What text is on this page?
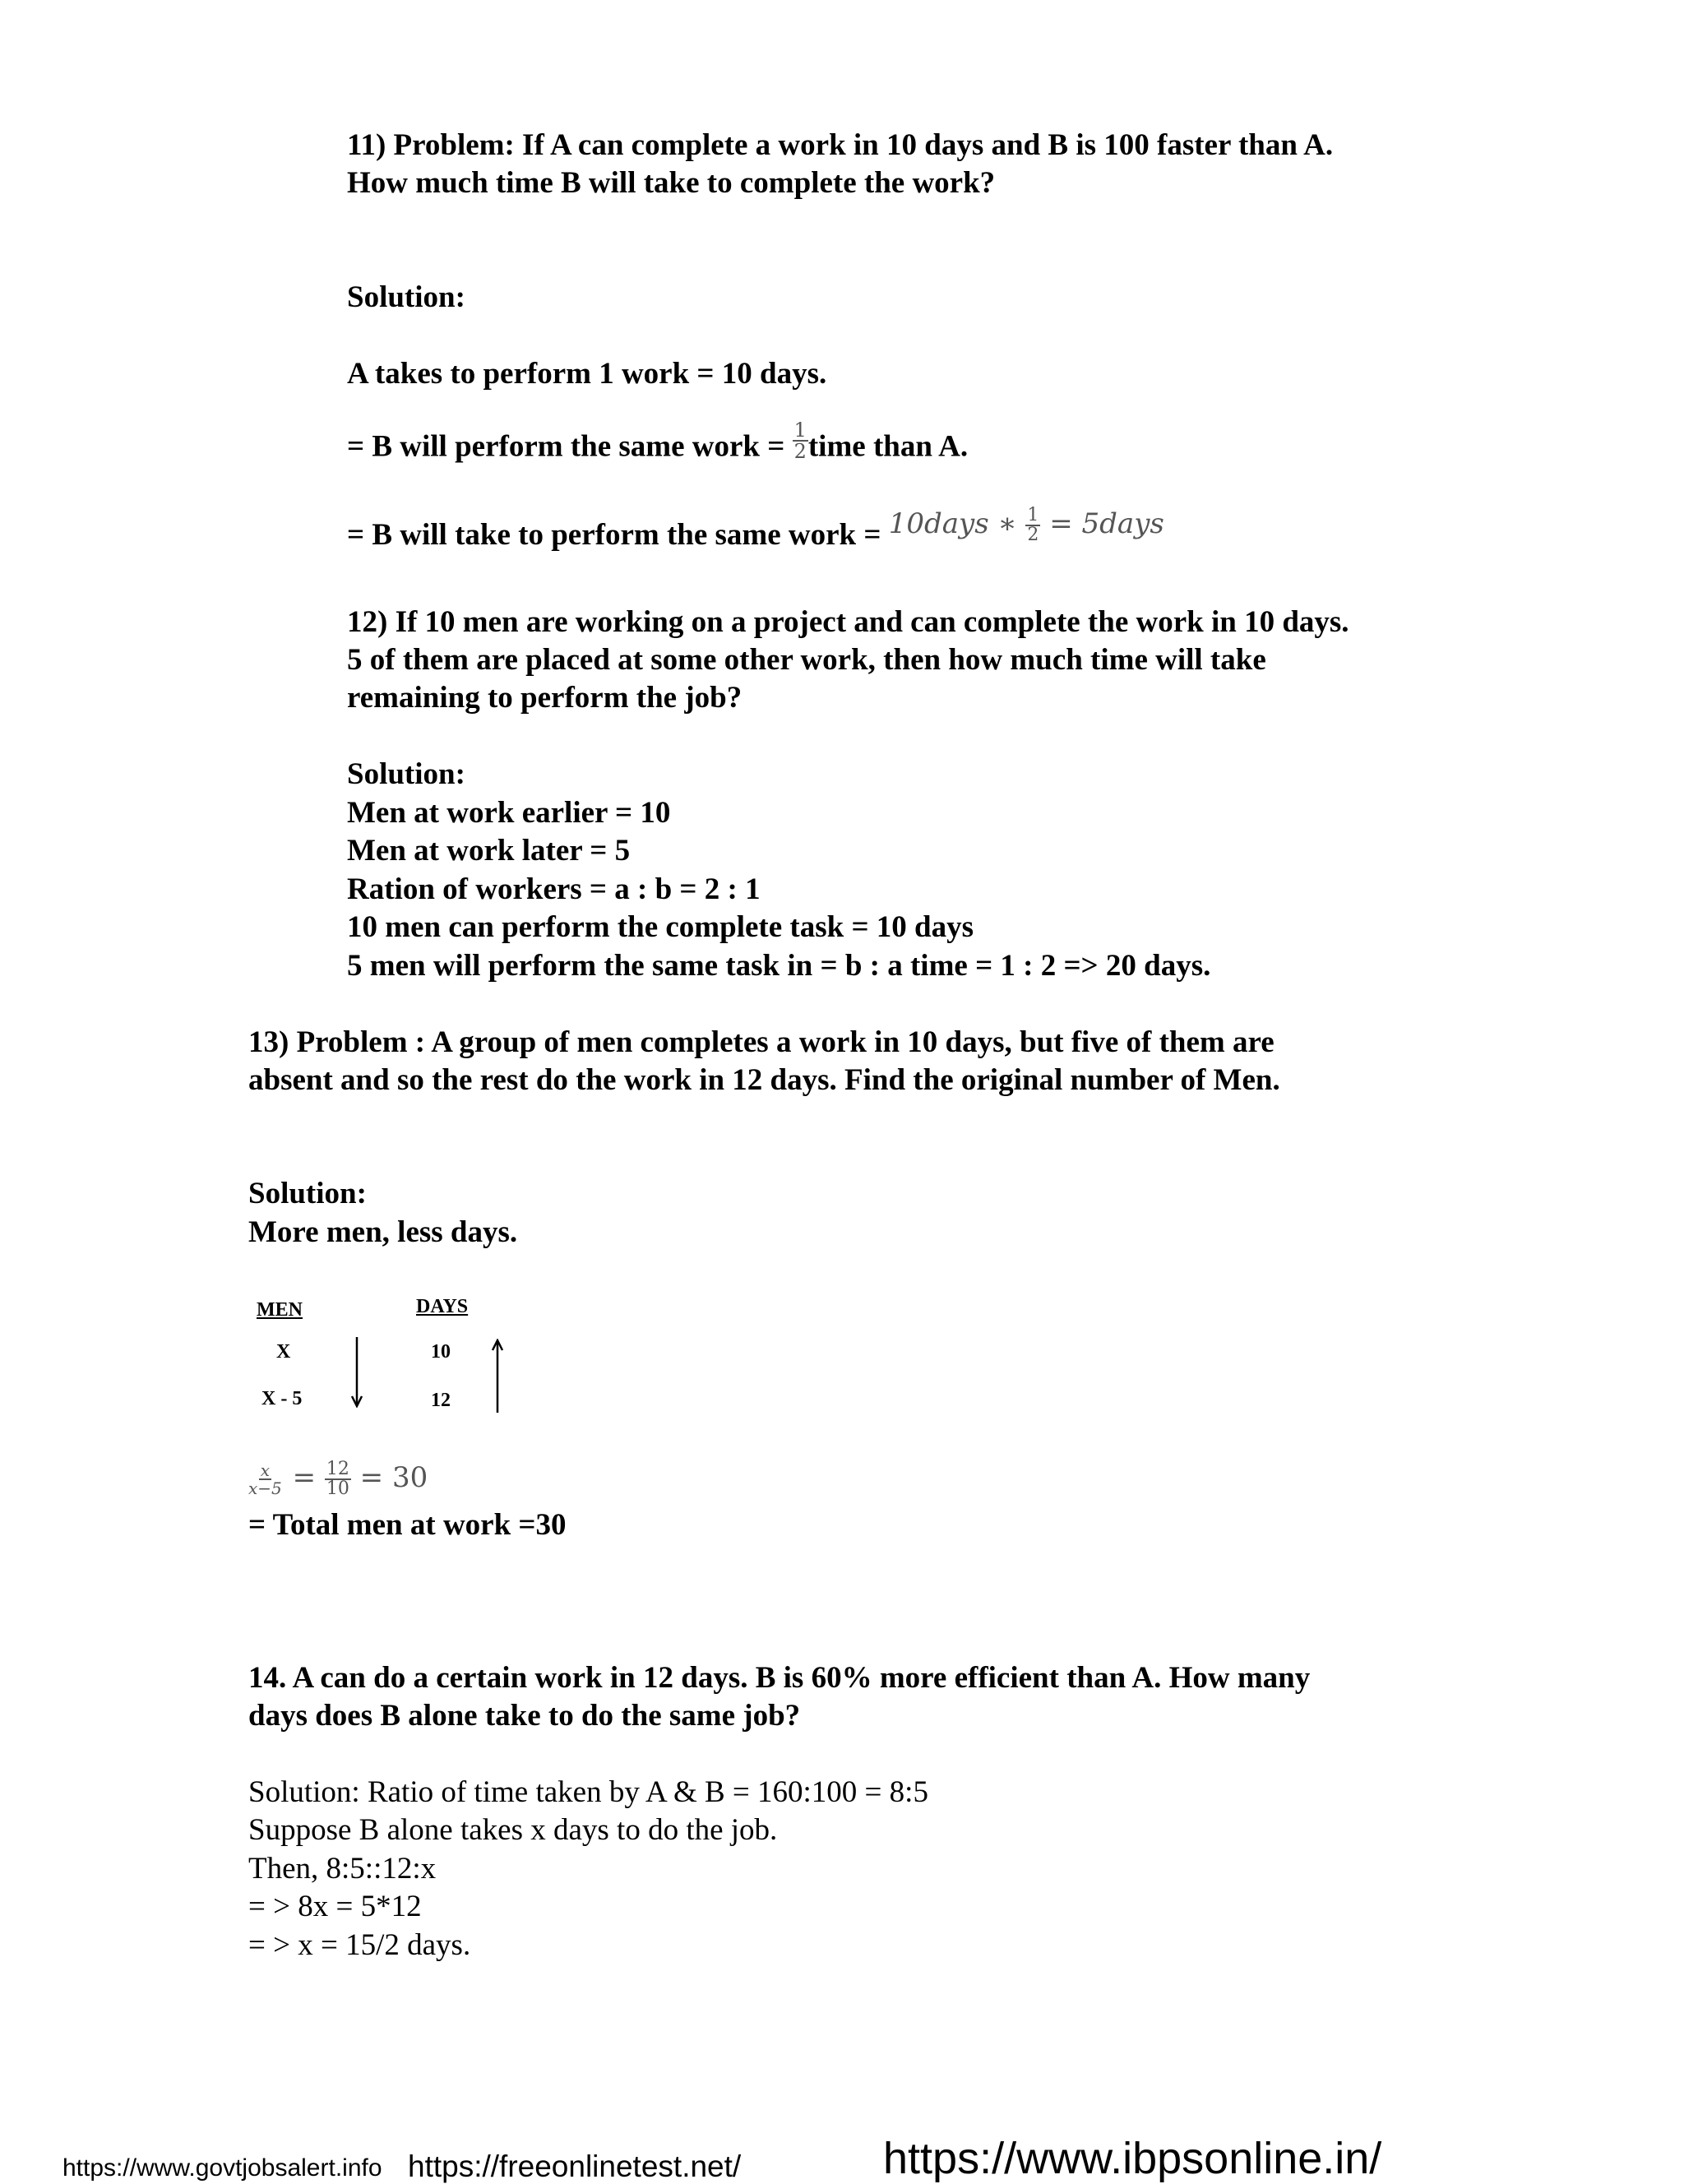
11) Problem: If A can complete a work in 10 days and B is 100 faster than A.
How much time B will take to complete the work?
Solution:
A takes to perform 1 work = 10 days.
= B will perform the same work = $\frac{1}{2}$ time than A.
= B will take to perform the same work = 10days ∗ $\frac{1}{2}$ = 5days
12) If 10 men are working on a project and can complete the work in 10 days.
5 of them are placed at some other work, then how much time will take
remaining to perform the job?
Solution:
Men at work earlier = 10
Men at work later = 5
Ration of workers = a : b = 2 : 1
10 men can perform the complete task = 10 days
5 men will perform the same task in = b : a time = 1 : 2 => 20 days.
13) Problem : A group of men completes a work in 10 days, but five of them are
absent and so the rest do the work in 12 days. Find the original number of Men.
Solution:
More men, less days.
MEN	DAYS
X	10
X - 5	12
$\frac{x}{x-5} = \frac{12}{10} = 30$
= Total men at work =30
14. A can do a certain work in 12 days. B is 60% more efficient than A. How many
days does B alone take to do the same job?
Solution: Ratio of time taken by A & B = 160:100 = 8:5
Suppose B alone takes x days to do the job.
Then, 8:5::12:x
= > 8x = 5*12
= > x = 15/2 days.
https://www.govtjobsalert.info https://freeonlinetest.net/	https://www.ibpsonline.in/
